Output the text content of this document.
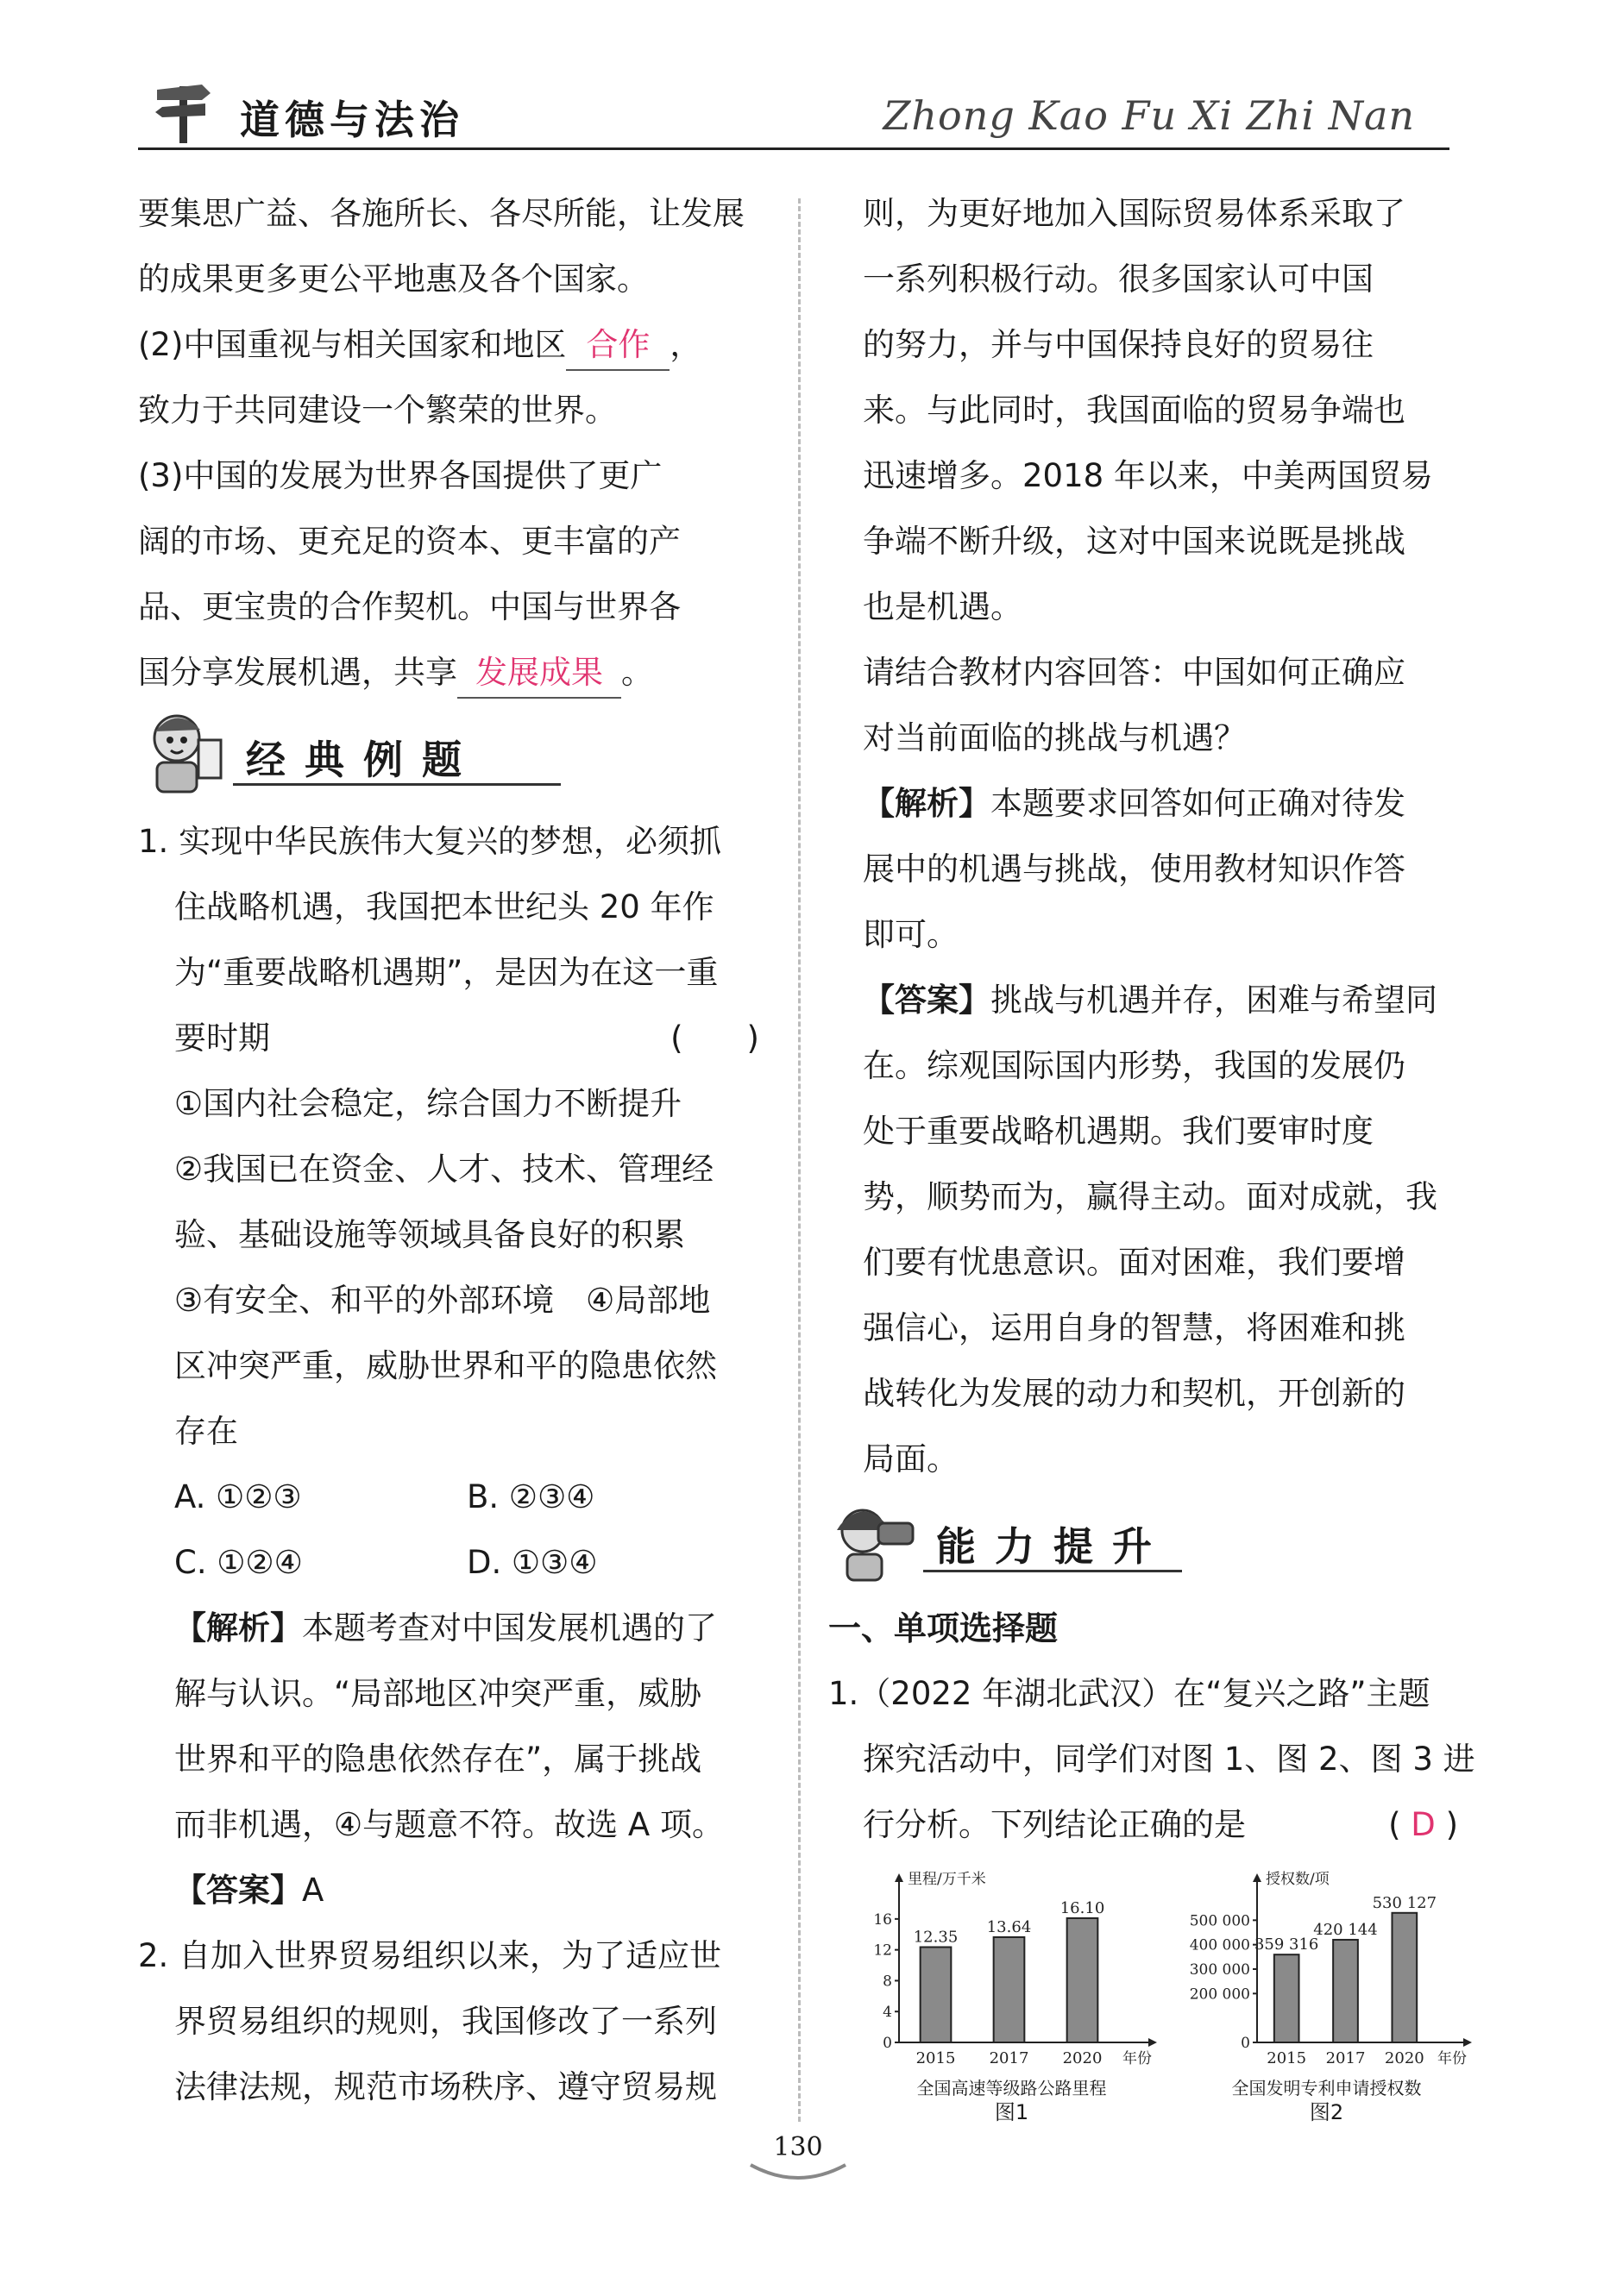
道德与法治	Zhong Kao Fu Xi Zhi Nan
要集思广益、各施所长、各尽所能，让发展
的成果更多更公平地惠及各个国家。
(2)中国重视与相关国家和地区 合作 ，
致力于共同建设一个繁荣的世界。
(3)中国的发展为世界各国提供了更广
阔的市场、更充足的资本、更丰富的产
品、更宝贵的合作契机。中国与世界各
国分享发展机遇，共享 发展成果 。
经典例题
1. 实现中华民族伟大复兴的梦想，必须抓
住战略机遇，我国把本世纪头 20 年作
为“重要战略机遇期”，是因为在这一重
要时期	(　　)
①国内社会稳定，综合国力不断提升
②我国已在资金、人才、技术、管理经
验、基础设施等领域具备良好的积累
③有安全、和平的外部环境　④局部地
区冲突严重，威胁世界和平的隐患依然
存在
A. ①②③	B. ②③④
C. ①②④	D. ①③④
【解析】本题考查对中国发展机遇的了
解与认识。“局部地区冲突严重，威胁
世界和平的隐患依然存在”，属于挑战
而非机遇，④与题意不符。故选 A 项。
【答案】A
2. 自加入世界贸易组织以来，为了适应世
界贸易组织的规则，我国修改了一系列
法律法规，规范市场秩序、遵守贸易规
则，为更好地加入国际贸易体系采取了
一系列积极行动。很多国家认可中国
的努力，并与中国保持良好的贸易往
来。与此同时，我国面临的贸易争端也
迅速增多。2018 年以来，中美两国贸易
争端不断升级，这对中国来说既是挑战
也是机遇。
请结合教材内容回答：中国如何正确应
对当前面临的挑战与机遇？
【解析】本题要求回答如何正确对待发
展中的机遇与挑战，使用教材知识作答
即可。
【答案】挑战与机遇并存，困难与希望同
在。综观国际国内形势，我国的发展仍
处于重要战略机遇期。我们要审时度
势，顺势而为，赢得主动。面对成就，我
们要有忧患意识。面对困难，我们要增
强信心，运用自身的智慧，将困难和挑
战转化为发展的动力和契机，开创新的
局面。
能力提升
一、单项选择题
1.（2022 年湖北武汉）在“复兴之路”主题
探究活动中，同学们对图 1、图 2、图 3 进
行分析。下列结论正确的是	( D )
里程/万千米
年份
0
4
8
12
16
12.35
2015
13.64
2017
16.10
2020
全国高速等级路公路里程
图1
授权数/项
年份
0
200 000
300 000
400 000
500 000
359 316
2015
420 144
2017
530 127
2020
全国发明专利申请授权数
图2
130
